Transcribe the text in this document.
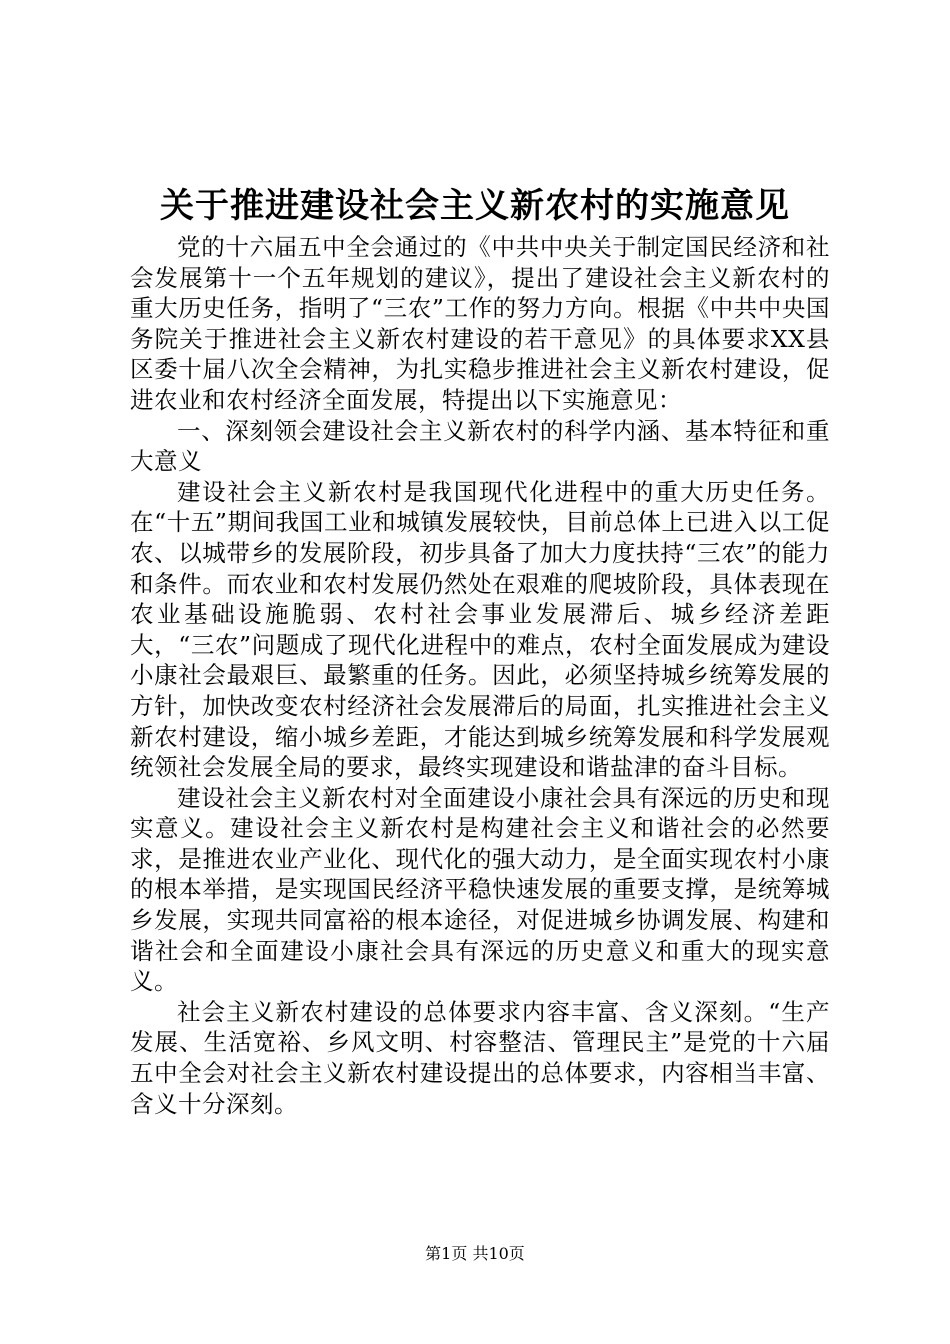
关于推进建设社会主义新农村的实施意见

党的十六届五中全会通过的《中共中央关于制定国民经济和社会发展第十一个五年规划的建议》，提出了建设社会主义新农村的重大历史任务，指明了“三农”工作的努力方向。根据《中共中央国务院关于推进社会主义新农村建设的若干意见》的具体要求XX县区委十届八次全会精神，为扎实稳步推进社会主义新农村建设，促进农业和农村经济全面发展，特提出以下实施意见：

一、深刻领会建设社会主义新农村的科学内涵、基本特征和重大意义

建设社会主义新农村是我国现代化进程中的重大历史任务。在“十五”期间我国工业和城镇发展较快，目前总体上已进入以工促农、以城带乡的发展阶段，初步具备了加大力度扶持“三农”的能力和条件。而农业和农村发展仍然处在艰难的爬坡阶段，具体表现在农业基础设施脆弱、农村社会事业发展滞后、城乡经济差距大，“三农”问题成了现代化进程中的难点，农村全面发展成为建设小康社会最艰巨、最繁重的任务。因此，必须坚持城乡统筹发展的方针，加快改变农村经济社会发展滞后的局面，扎实推进社会主义新农村建设，缩小城乡差距，才能达到城乡统筹发展和科学发展观统领社会发展全局的要求，最终实现建设和谐盐津的奋斗目标。

建设社会主义新农村对全面建设小康社会具有深远的历史和现实意义。建设社会主义新农村是构建社会主义和谐社会的必然要求，是推进农业产业化、现代化的强大动力，是全面实现农村小康的根本举措，是实现国民经济平稳快速发展的重要支撑，是统筹城乡发展，实现共同富裕的根本途径，对促进城乡协调发展、构建和谐社会和全面建设小康社会具有深远的历史意义和重大的现实意义。

社会主义新农村建设的总体要求内容丰富、含义深刻。“生产发展、生活宽裕、乡风文明、村容整洁、管理民主”是党的十六届五中全会对社会主义新农村建设提出的总体要求，内容相当丰富、含义十分深刻。

第1页 共10页
